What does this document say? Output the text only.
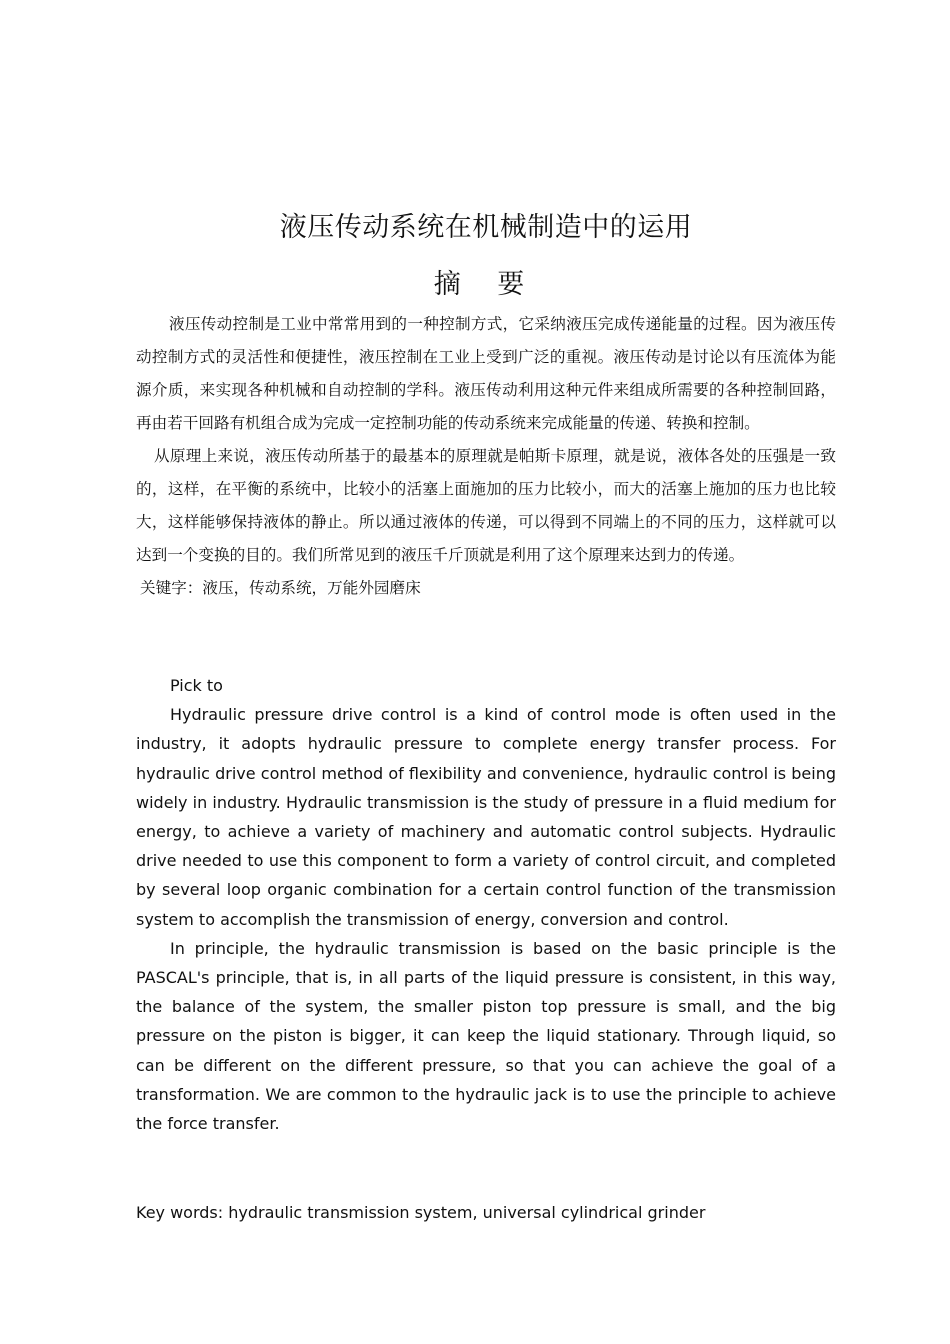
液压传动系统在机械制造中的运用
摘 要

液压传动控制是工业中常常用到的一种控制方式，它采纳液压完成传递能量的过程。因为液压传动控制方式的灵活性和便捷性，液压控制在工业上受到广泛的重视。液压传动是讨论以有压流体为能源介质，来实现各种机械和自动控制的学科。液压传动利用这种元件来组成所需要的各种控制回路，再由若干回路有机组合成为完成一定控制功能的传动系统来完成能量的传递、转换和控制。

从原理上来说，液压传动所基于的最基本的原理就是帕斯卡原理，就是说，液体各处的压强是一致的，这样，在平衡的系统中，比较小的活塞上面施加的压力比较小，而大的活塞上施加的压力也比较大，这样能够保持液体的静止。所以通过液体的传递，可以得到不同端上的不同的压力，这样就可以达到一个变换的目的。我们所常见到的液压千斤顶就是利用了这个原理来达到力的传递。

关键字：液压，传动系统，万能外园磨床

Pick to

Hydraulic pressure drive control is a kind of control mode is often used in the industry, it adopts hydraulic pressure to complete energy transfer process. For hydraulic drive control method of flexibility and convenience, hydraulic control is being widely in industry. Hydraulic transmission is the study of pressure in a fluid medium for energy, to achieve a variety of machinery and automatic control subjects. Hydraulic drive needed to use this component to form a variety of control circuit, and completed by several loop organic combination for a certain control function of the transmission system to accomplish the transmission of energy, conversion and control.

In principle, the hydraulic transmission is based on the basic principle is the PASCAL's principle, that is, in all parts of the liquid pressure is consistent, in this way, the balance of the system, the smaller piston top pressure is small, and the big pressure on the piston is bigger, it can keep the liquid stationary. Through liquid, so can be different on the different pressure, so that you can achieve the goal of a transformation. We are common to the hydraulic jack is to use the principle to achieve the force transfer.

Key words: hydraulic transmission system, universal cylindrical grinder
